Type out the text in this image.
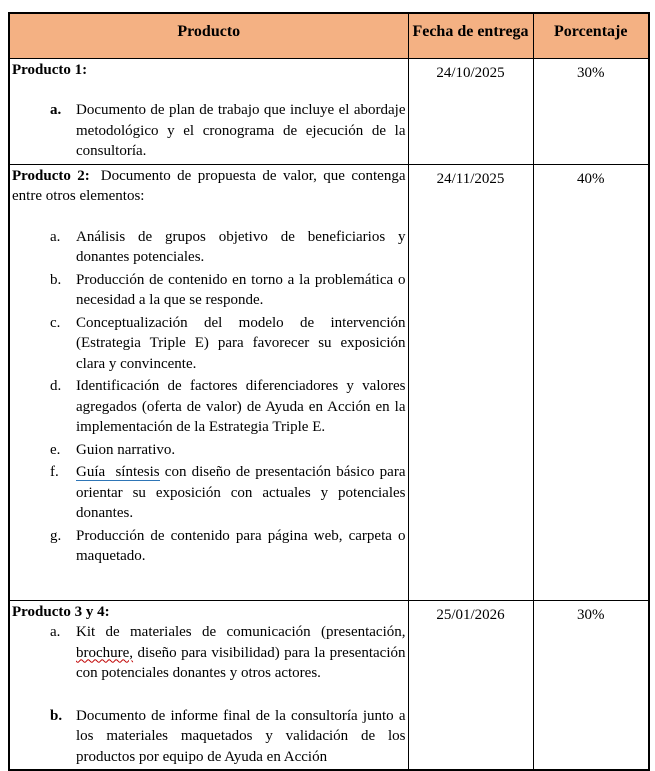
Producto	Fecha de entrega	Porcentaje

Producto 1:

a. Documento de plan de trabajo que incluye el abordaje metodológico y el cronograma de ejecución de la consultoría.	24/10/2025	30%

Producto 2: Documento de propuesta de valor, que contenga entre otros elementos:

a.	Análisis de grupos objetivo de beneficiarios y donantes potenciales.
b. Producción de contenido en torno a la problemática o necesidad a la que se responde.
c.	Conceptualización del modelo de intervención (Estrategia Triple E) para favorecer su exposición clara y convincente.
d. Identificación de factores diferenciadores y valores agregados (oferta de valor) de Ayuda en Acción en la implementación de la Estrategia Triple E.
e.	Guion narrativo.
f.	Guía  síntesis con diseño de presentación básico para orientar su exposición con actuales y potenciales donantes.
g. Producción de contenido para página web, carpeta o maquetado.
	24/11/2025	40%

Producto 3 y 4:

a. Kit de materiales de comunicación (presentación, brochure, diseño para visibilidad) para la presentación con potenciales donantes y otros actores.
b. Documento de informe final de la consultoría junto a los materiales maquetados y validación de los productos por equipo de Ayuda en Acción	25/01/2026	30%
